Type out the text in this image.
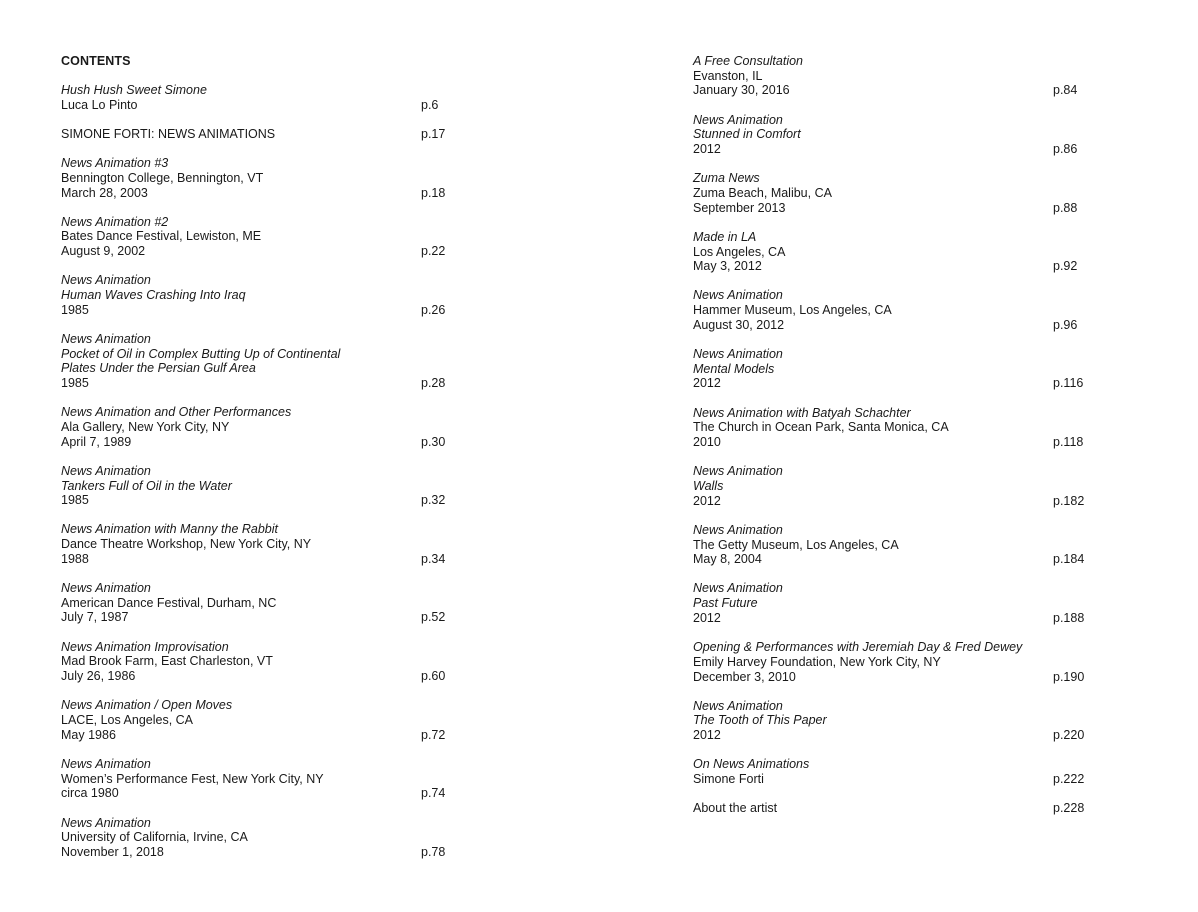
CONTENTS
Hush Hush Sweet Simone
Luca Lo Pinto	p.6
SIMONE FORTI: NEWS ANIMATIONS	p.17
News Animation #3
Bennington College, Bennington, VT
March 28, 2003	p.18
News Animation #2
Bates Dance Festival, Lewiston, ME
August 9, 2002	p.22
News Animation
Human Waves Crashing Into Iraq
1985	p.26
News Animation
Pocket of Oil in Complex Butting Up of Continental
Plates Under the Persian Gulf Area
1985	p.28
News Animation and Other Performances
Ala Gallery, New York City, NY
April 7, 1989	p.30
News Animation
Tankers Full of Oil in the Water
1985	p.32
News Animation with Manny the Rabbit
Dance Theatre Workshop, New York City, NY
1988	p.34
News Animation
American Dance Festival, Durham, NC
July 7, 1987	p.52
News Animation Improvisation
Mad Brook Farm, East Charleston, VT
July 26, 1986	p.60
News Animation / Open Moves
LACE, Los Angeles, CA
May 1986	p.72
News Animation
Women’s Performance Fest, New York City, NY
circa 1980	p.74
News Animation
University of California, Irvine, CA
November 1, 2018	p.78
A Free Consultation
Evanston, IL
January 30, 2016	p.84
News Animation
Stunned in Comfort
2012	p.86
Zuma News
Zuma Beach, Malibu, CA
September 2013	p.88
Made in LA
Los Angeles, CA
May 3, 2012	p.92
News Animation
Hammer Museum, Los Angeles, CA
August 30, 2012	p.96
News Animation
Mental Models
2012	p.116
News Animation with Batyah Schachter
The Church in Ocean Park, Santa Monica, CA
2010	p.118
News Animation
Walls
2012	p.182
News Animation
The Getty Museum, Los Angeles, CA
May 8, 2004	p.184
News Animation
Past Future
2012	p.188
Opening & Performances with Jeremiah Day & Fred Dewey
Emily Harvey Foundation, New York City, NY
December 3, 2010	p.190
News Animation
The Tooth of This Paper
2012	p.220
On News Animations
Simone Forti	p.222
About the artist	p.228
